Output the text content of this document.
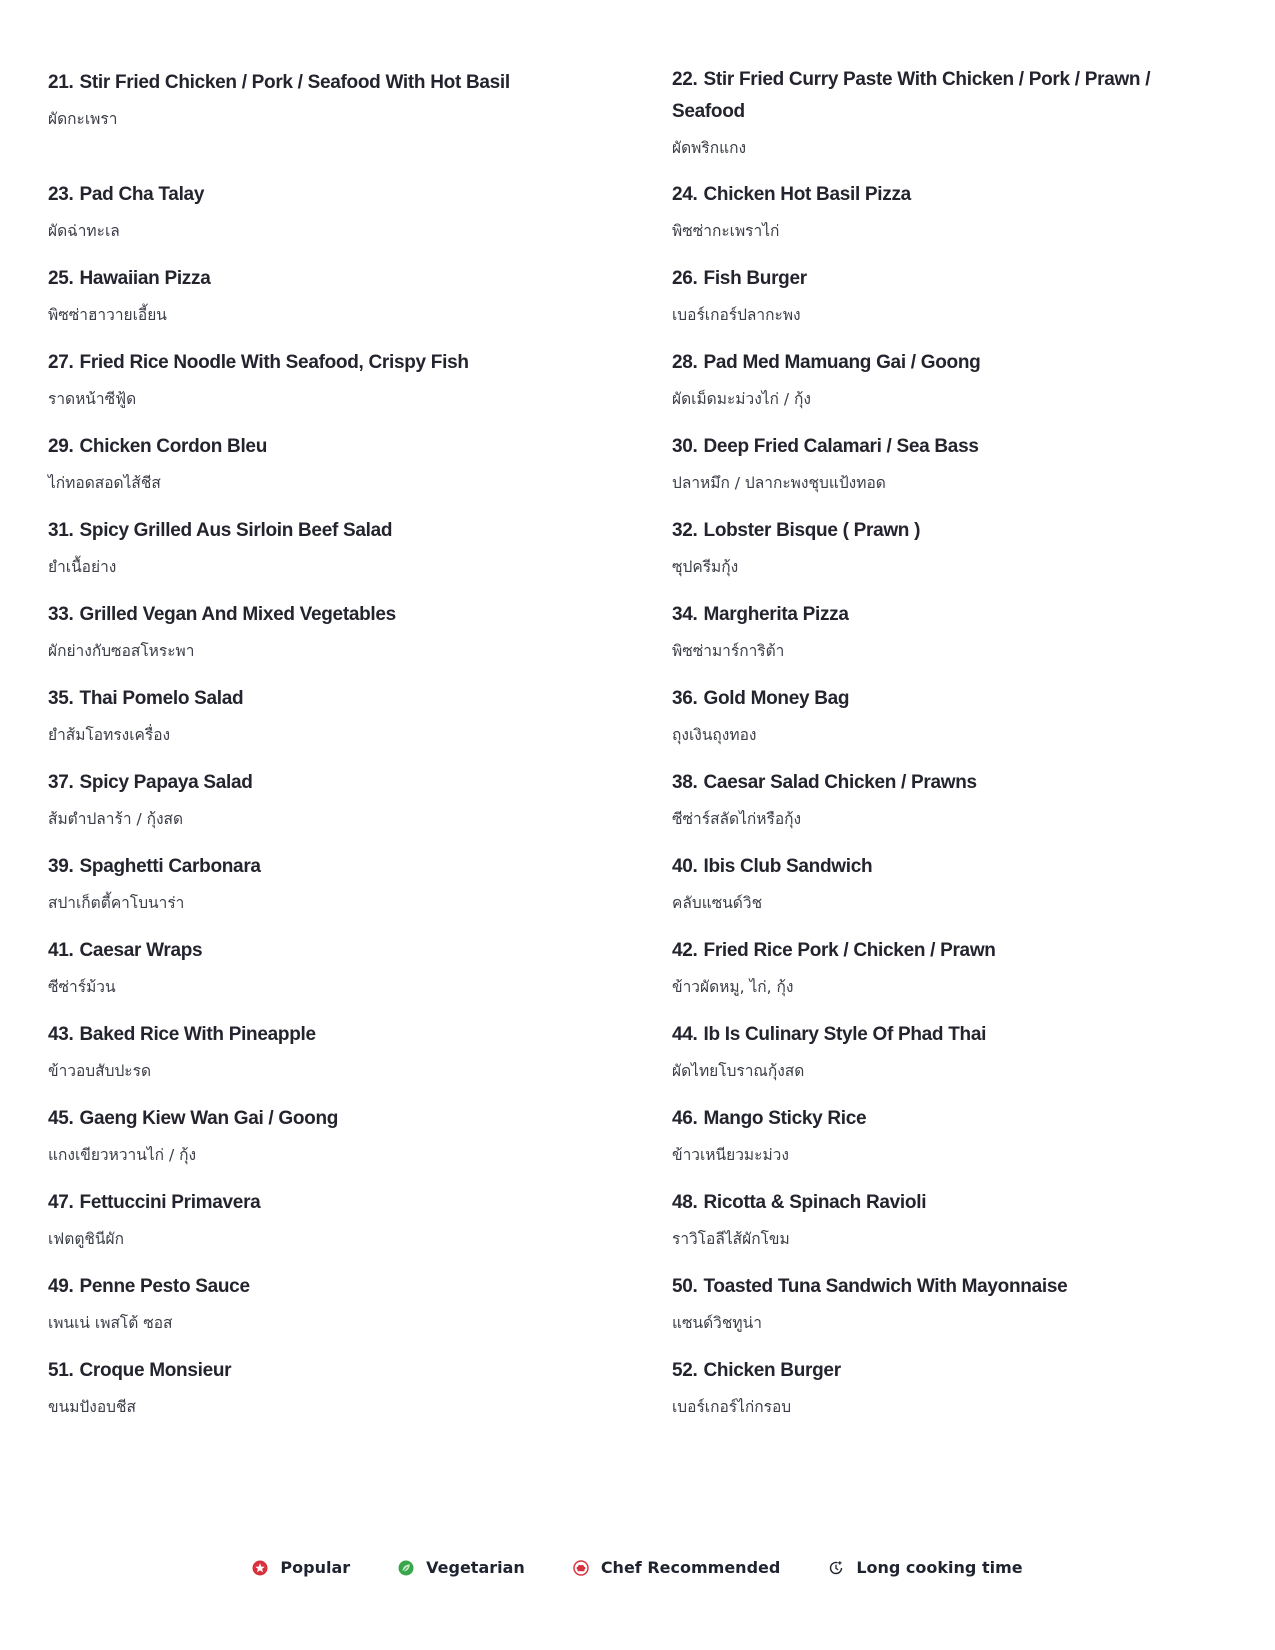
21. Stir Fried Chicken / Pork / Seafood With Hot Basil
ผัดกะเพรา
22. Stir Fried Curry Paste With Chicken / Pork / Prawn / Seafood
ผัดพริกแกง
23. Pad Cha Talay
ผัดฉ่าทะเล
24. Chicken Hot Basil Pizza
พิซซ่ากะเพราไก่
25. Hawaiian Pizza
พิซซ่าฮาวายเอี้ยน
26. Fish Burger
เบอร์เกอร์ปลากะพง
27. Fried Rice Noodle With Seafood, Crispy Fish
ราดหน้าซีฟู้ด
28. Pad Med Mamuang Gai / Goong
ผัดเม็ดมะม่วงไก่ / กุ้ง
29. Chicken Cordon Bleu
ไก่ทอดสอดไส้ชีส
30. Deep Fried Calamari / Sea Bass
ปลาหมึก / ปลากะพงชุบแป้งทอด
31. Spicy Grilled Aus Sirloin Beef Salad
ยำเนื้อย่าง
32. Lobster Bisque ( Prawn )
ซุปครีมกุ้ง
33. Grilled Vegan And Mixed Vegetables
ผักย่างกับซอสโหระพา
34. Margherita Pizza
พิซซ่ามาร์การิต้า
35. Thai Pomelo Salad
ยำส้มโอทรงเครื่อง
36. Gold Money Bag
ถุงเงินถุงทอง
37. Spicy Papaya Salad
ส้มตำปลาร้า / กุ้งสด
38. Caesar Salad Chicken / Prawns
ซีซ่าร์สลัดไก่หรือกุ้ง
39. Spaghetti Carbonara
สปาเก็ตตี้คาโบนาร่า
40. Ibis Club Sandwich
คลับแซนด์วิช
41. Caesar Wraps
ซีซ่าร์ม้วน
42. Fried Rice Pork / Chicken / Prawn
ข้าวผัดหมู, ไก่, กุ้ง
43. Baked Rice With Pineapple
ข้าวอบสับปะรด
44. Ib Is Culinary Style Of Phad Thai
ผัดไทยโบราณกุ้งสด
45. Gaeng Kiew Wan Gai / Goong
แกงเขียวหวานไก่ / กุ้ง
46. Mango Sticky Rice
ข้าวเหนียวมะม่วง
47. Fettuccini Primavera
เฟตตูชินีผัก
48. Ricotta & Spinach Ravioli
ราวิโอลีไส้ผักโขม
49. Penne Pesto Sauce
เพนเน่ เพสโต้ ซอส
50. Toasted Tuna Sandwich With Mayonnaise
แซนด์วิชทูน่า
51. Croque Monsieur
ขนมปังอบชีส
52. Chicken Burger
เบอร์เกอร์ไก่กรอบ
Popular	Vegetarian	Chef Recommended	Long cooking time
